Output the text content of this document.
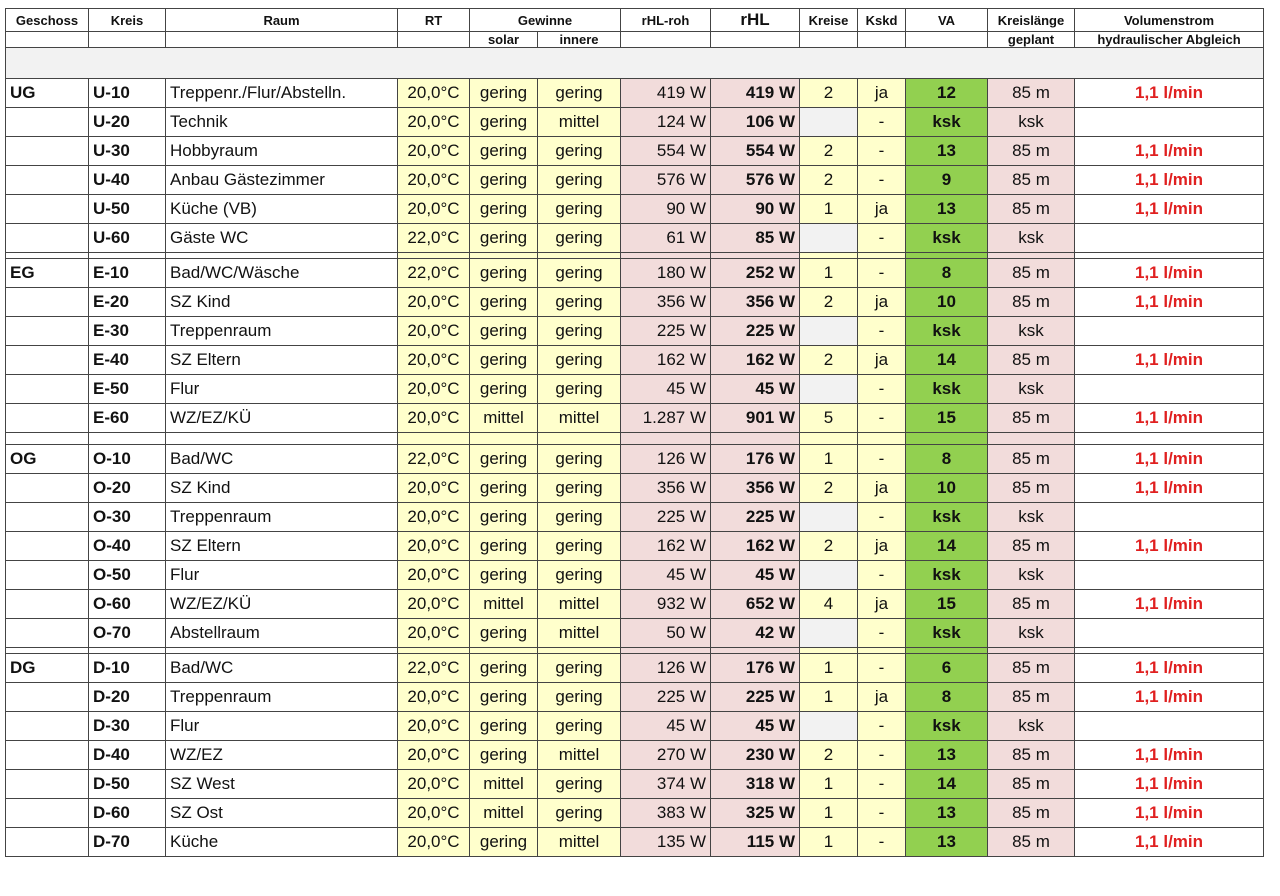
Geschoss	Kreis	Raum	RT	Gewinne		rHL-roh	rHL	Kreise	Kskd	VA	Kreislänge	Volumenstrom
				solar	innere						geplant	hydraulischer Abgleich

UG	U-10	Treppenr./Flur/Abstelln.	20,0°C	gering	gering	419 W	419 W	2	ja	12	85 m	1,1 l/min
	U-20	Technik	20,0°C	gering	mittel	124 W	106 W		-	ksk	ksk	
	U-30	Hobbyraum	20,0°C	gering	gering	554 W	554 W	2	-	13	85 m	1,1 l/min
	U-40	Anbau Gästezimmer	20,0°C	gering	gering	576 W	576 W	2	-	9	85 m	1,1 l/min
	U-50	Küche (VB)	20,0°C	gering	gering	90 W	90 W	1	ja	13	85 m	1,1 l/min
	U-60	Gäste WC	22,0°C	gering	gering	61 W	85 W		-	ksk	ksk	

EG	E-10	Bad/WC/Wäsche	22,0°C	gering	gering	180 W	252 W	1	-	8	85 m	1,1 l/min
	E-20	SZ Kind	20,0°C	gering	gering	356 W	356 W	2	ja	10	85 m	1,1 l/min
	E-30	Treppenraum	20,0°C	gering	gering	225 W	225 W		-	ksk	ksk	
	E-40	SZ Eltern	20,0°C	gering	gering	162 W	162 W	2	ja	14	85 m	1,1 l/min
	E-50	Flur	20,0°C	gering	gering	45 W	45 W		-	ksk	ksk	
	E-60	WZ/EZ/KÜ	20,0°C	mittel	mittel	1.287 W	901 W	5	-	15	85 m	1,1 l/min

OG	O-10	Bad/WC	22,0°C	gering	gering	126 W	176 W	1	-	8	85 m	1,1 l/min
	O-20	SZ Kind	20,0°C	gering	gering	356 W	356 W	2	ja	10	85 m	1,1 l/min
	O-30	Treppenraum	20,0°C	gering	gering	225 W	225 W		-	ksk	ksk	
	O-40	SZ Eltern	20,0°C	gering	gering	162 W	162 W	2	ja	14	85 m	1,1 l/min
	O-50	Flur	20,0°C	gering	gering	45 W	45 W		-	ksk	ksk	
	O-60	WZ/EZ/KÜ	20,0°C	mittel	mittel	932 W	652 W	4	ja	15	85 m	1,1 l/min
	O-70	Abstellraum	20,0°C	gering	mittel	50 W	42 W		-	ksk	ksk	

DG	D-10	Bad/WC	22,0°C	gering	gering	126 W	176 W	1	-	6	85 m	1,1 l/min
	D-20	Treppenraum	20,0°C	gering	gering	225 W	225 W	1	ja	8	85 m	1,1 l/min
	D-30	Flur	20,0°C	gering	gering	45 W	45 W		-	ksk	ksk	
	D-40	WZ/EZ	20,0°C	gering	mittel	270 W	230 W	2	-	13	85 m	1,1 l/min
	D-50	SZ West	20,0°C	mittel	gering	374 W	318 W	1	-	14	85 m	1,1 l/min
	D-60	SZ Ost	20,0°C	mittel	gering	383 W	325 W	1	-	13	85 m	1,1 l/min
	D-70	Küche	20,0°C	gering	mittel	135 W	115 W	1	-	13	85 m	1,1 l/min
